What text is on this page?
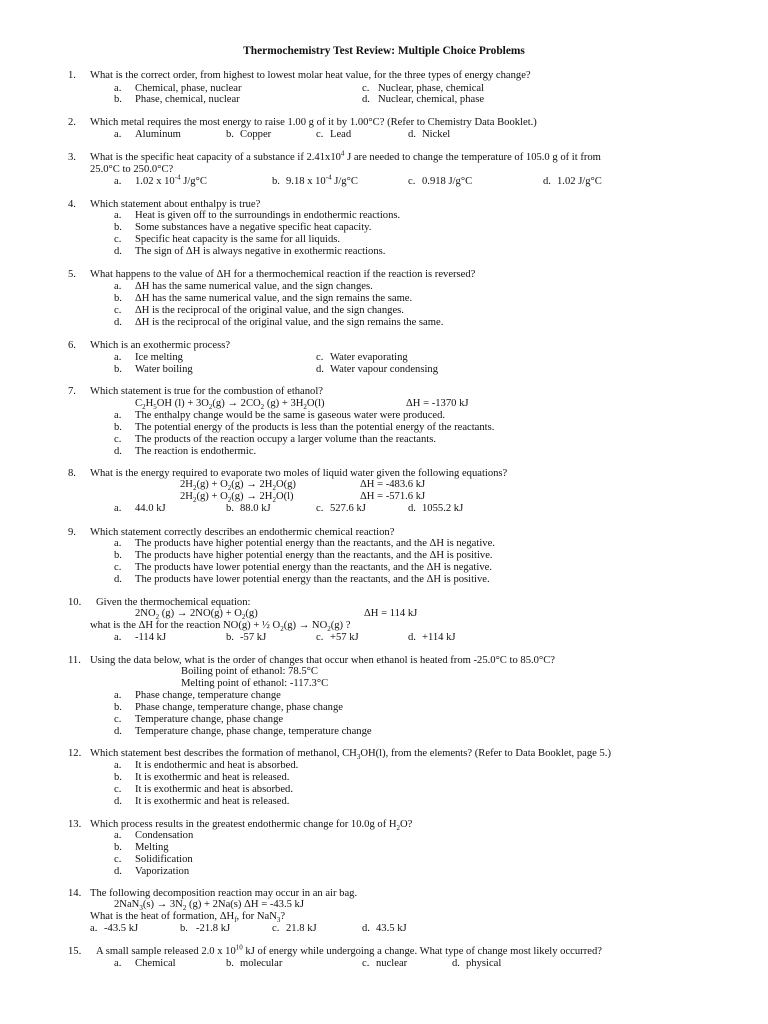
Thermochemistry Test Review: Multiple Choice Problems
1. What is the correct order, from highest to lowest molar heat value, for the three types of energy change?
a. Chemical, phase, nuclear	c. Nuclear, phase, chemical
b. Phase, chemical, nuclear	d. Nuclear, chemical, phase
2. Which metal requires the most energy to raise 1.00 g of it by 1.00°C? (Refer to Chemistry Data Booklet.)
a. Aluminum	b. Copper	c. Lead	d. Nickel
3. What is the specific heat capacity of a substance if $2.41x10^4$ J are needed to change the temperature of 105.0 g of it from
25.0°C to 250.0°C?
a. 1.02 x $10^{-4}$ J/g°C	b. 9.18 x $10^{-4}$ J/g°C	c. 0.918 J/g°C	d. 1.02 J/g°C
4. Which statement about enthalpy is true?
a. Heat is given off to the surroundings in endothermic reactions.
b. Some substances have a negative specific heat capacity.
c. Specific heat capacity is the same for all liquids.
d. The sign of ΔH is always negative in exothermic reactions.
5. What happens to the value of ΔH for a thermochemical reaction if the reaction is reversed?
a. ΔH has the same numerical value, and the sign changes.
b. ΔH has the same numerical value, and the sign remains the same.
c. ΔH is the reciprocal of the original value, and the sign changes.
d. ΔH is the reciprocal of the original value, and the sign remains the same.
6. Which is an exothermic process?
a. Ice melting	c. Water evaporating
b. Water boiling	d. Water vapour condensing
7. Which statement is true for the combustion of ethanol?
$C_2H_5OH$ $(l) + 3O_2(g) \to 2CO_2$ $(g) + 3H_2O(l)$	ΔH = -1370 kJ
a. The enthalpy change would be the same is gaseous water were produced.
b. The potential energy of the products is less than the potential energy of the reactants.
c. The products of the reaction occupy a larger volume than the reactants.
d. The reaction is endothermic.
8. What is the energy required to evaporate two moles of liquid water given the following equations?
$2H_2(g) + O_2(g) \to 2H_2O(g)$	ΔH = -483.6 kJ
$2H_2(g) + O_2(g) \to 2H_2O(l)$	ΔH = -571.6 kJ
a. 44.0 kJ	b. 88.0 kJ	c. 527.6 kJ	d. 1055.2 kJ
9. Which statement correctly describes an endothermic chemical reaction?
a. The products have higher potential energy than the reactants, and the ΔH is negative.
b. The products have higher potential energy than the reactants, and the ΔH is positive.
c. The products have lower potential energy than the reactants, and the ΔH is negative.
d. The products have lower potential energy than the reactants, and the ΔH is positive.
10. Given the thermochemical equation:
$2NO_2$ $(g) \to 2NO(g) + O_2(g)$	ΔH = 114 kJ
what is the ΔH for the reaction NO(g) + ½ $O_2(g) \to NO_2(g)$ ?
a. -114 kJ	b. -57 kJ	c. +57 kJ	d. +114 kJ
11. Using the data below, what is the order of changes that occur when ethanol is heated from -25.0°C to 85.0°C?
Boiling point of ethanol: 78.5°C
Melting point of ethanol: -117.3°C
a. Phase change, temperature change
b. Phase change, temperature change, phase change
c. Temperature change, phase change
d. Temperature change, phase change, temperature change
12. Which statement best describes the formation of methanol, $CH_3OH(l)$, from the elements? (Refer to Data Booklet, page 5.)
a. It is endothermic and heat is absorbed.
b. It is exothermic and heat is released.
c. It is exothermic and heat is absorbed.
d. It is exothermic and heat is released.
13. Which process results in the greatest endothermic change for 10.0g of $H_2O$?
a. Condensation
b. Melting
c. Solidification
d. Vaporization
14. The following decomposition reaction may occur in an air bag.
$2NaN_3(s) \to 3N_2$ (g) + 2Na(s) ΔH = -43.5 kJ
What is the heat of formation, $\Delta H_f$, for NaN$_3$?
a. -43.5 kJ	b. -21.8 kJ	c. 21.8 kJ	d. 43.5 kJ
15. A small sample released 2.0 x $10^{10}$ kJ of energy while undergoing a change. What type of change most likely occurred?
a. Chemical	b. molecular	c. nuclear	d. physical
